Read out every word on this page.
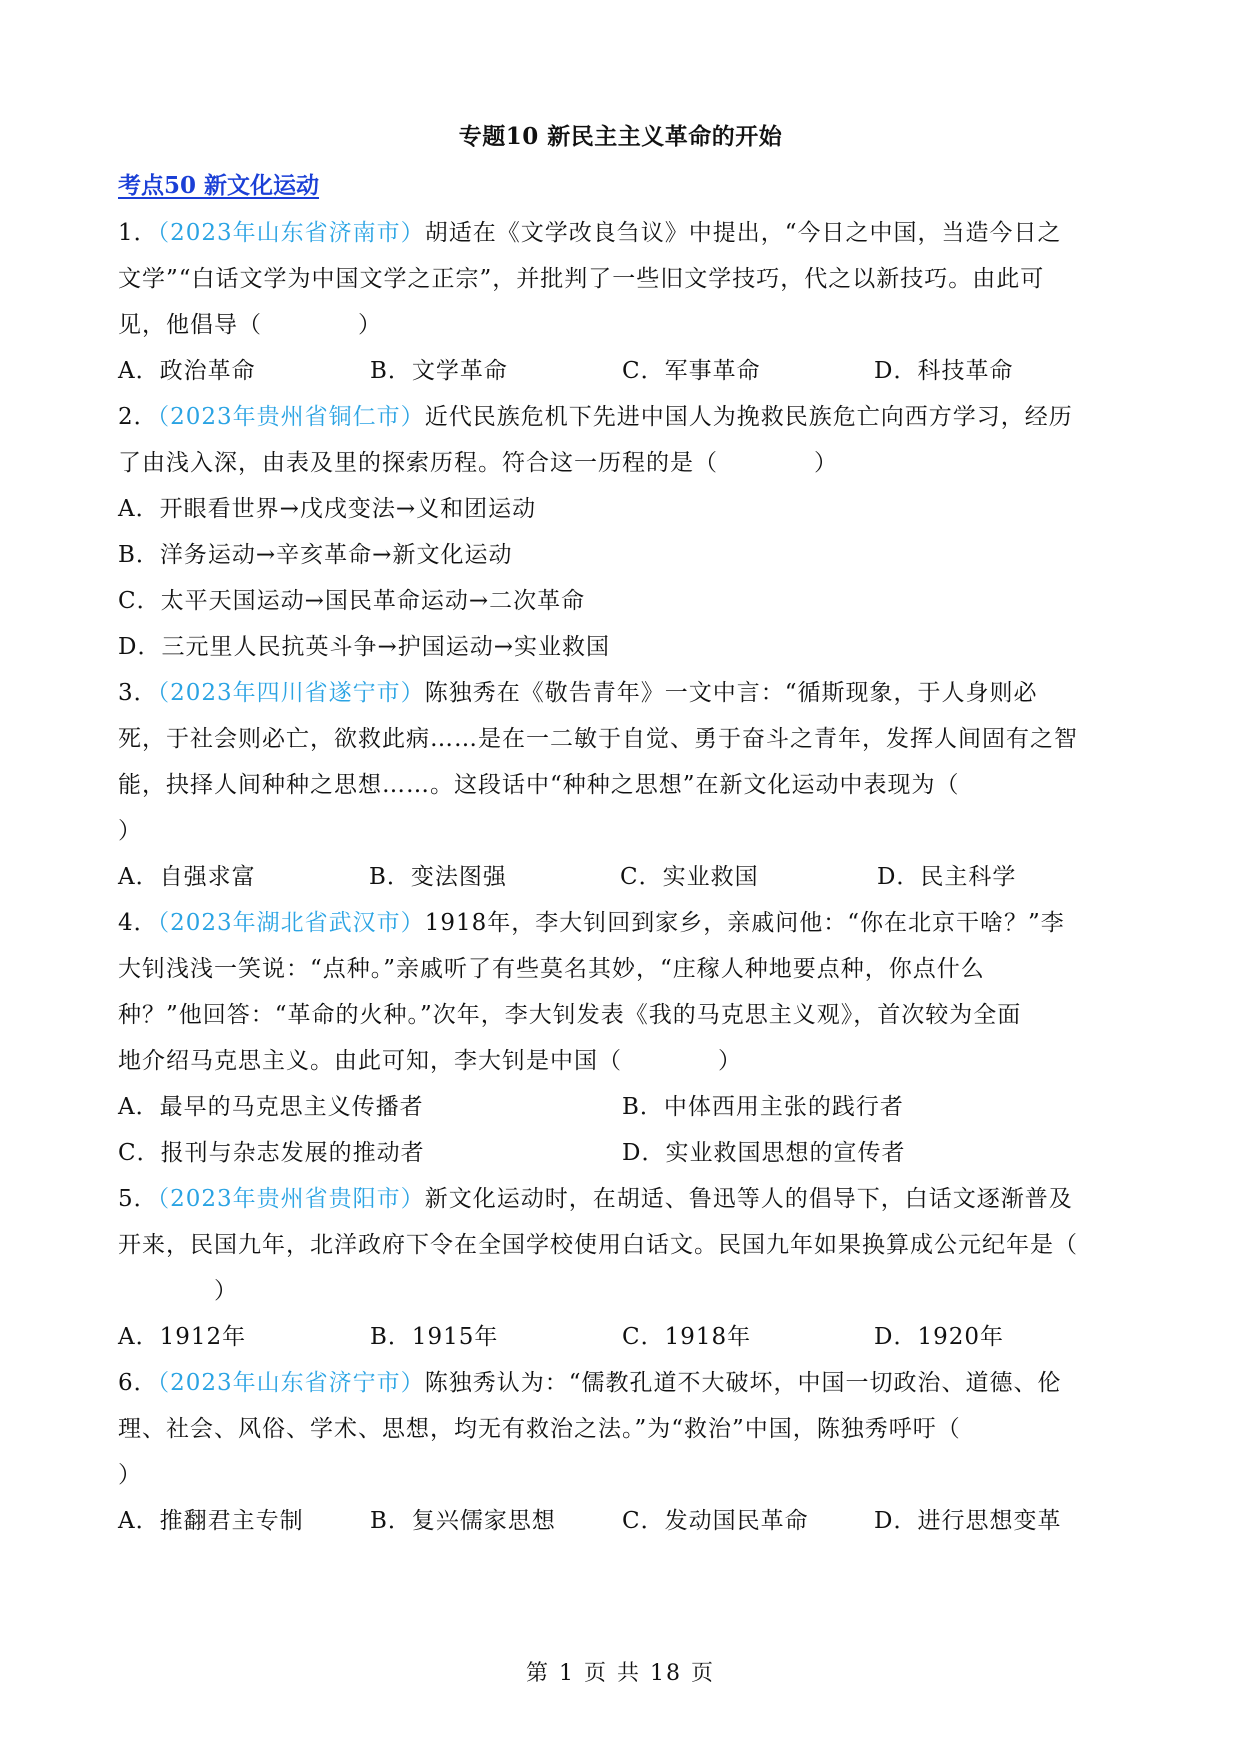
专题10 新民主主义革命的开始
考点50 新文化运动
1．（2023年山东省济南市）胡适在《文学改良刍议》中提出，“今日之中国，当造今日之
文学”“白话文学为中国文学之正宗”，并批判了一些旧文学技巧，代之以新技巧。由此可
见，他倡导（　　　　）
A．政治革命	B．文学革命	C．军事革命	D．科技革命
2．（2023年贵州省铜仁市）近代民族危机下先进中国人为挽救民族危亡向西方学习，经历
了由浅入深，由表及里的探索历程。符合这一历程的是（　　　　）
A．开眼看世界→戊戌变法→义和团运动
B．洋务运动→辛亥革命→新文化运动
C．太平天国运动→国民革命运动→二次革命
D．三元里人民抗英斗争→护国运动→实业救国
3．（2023年四川省遂宁市）陈独秀在《敬告青年》一文中言：“循斯现象，于人身则必
死，于社会则必亡，欲救此病……是在一二敏于自觉、勇于奋斗之青年，发挥人间固有之智
能，抉择人间种种之思想……。这段话中“种种之思想”在新文化运动中表现为（
）
A．自强求富	B．变法图强	C．实业救国	D．民主科学
4．（2023年湖北省武汉市）1918年，李大钊回到家乡，亲戚问他：“你在北京干啥？”李
大钊浅浅一笑说：“点种。”亲戚听了有些莫名其妙，“庄稼人种地要点种，你点什么
种？”他回答：“革命的火种。”次年，李大钊发表《我的马克思主义观》，首次较为全面
地介绍马克思主义。由此可知，李大钊是中国（　　　　）
A．最早的马克思主义传播者	B．中体西用主张的践行者
C．报刊与杂志发展的推动者	D．实业救国思想的宣传者
5．（2023年贵州省贵阳市）新文化运动时，在胡适、鲁迅等人的倡导下，白话文逐渐普及
开来，民国九年，北洋政府下令在全国学校使用白话文。民国九年如果换算成公元纪年是（
　　　　）
A．1912年	B．1915年	C．1918年	D．1920年
6．（2023年山东省济宁市）陈独秀认为：“儒教孔道不大破坏，中国一切政治、道德、伦
理、社会、风俗、学术、思想，均无有救治之法。”为“救治”中国，陈独秀呼吁（
）
A．推翻君主专制	B．复兴儒家思想	C．发动国民革命	D．进行思想变革
第 1 页 共 18 页
